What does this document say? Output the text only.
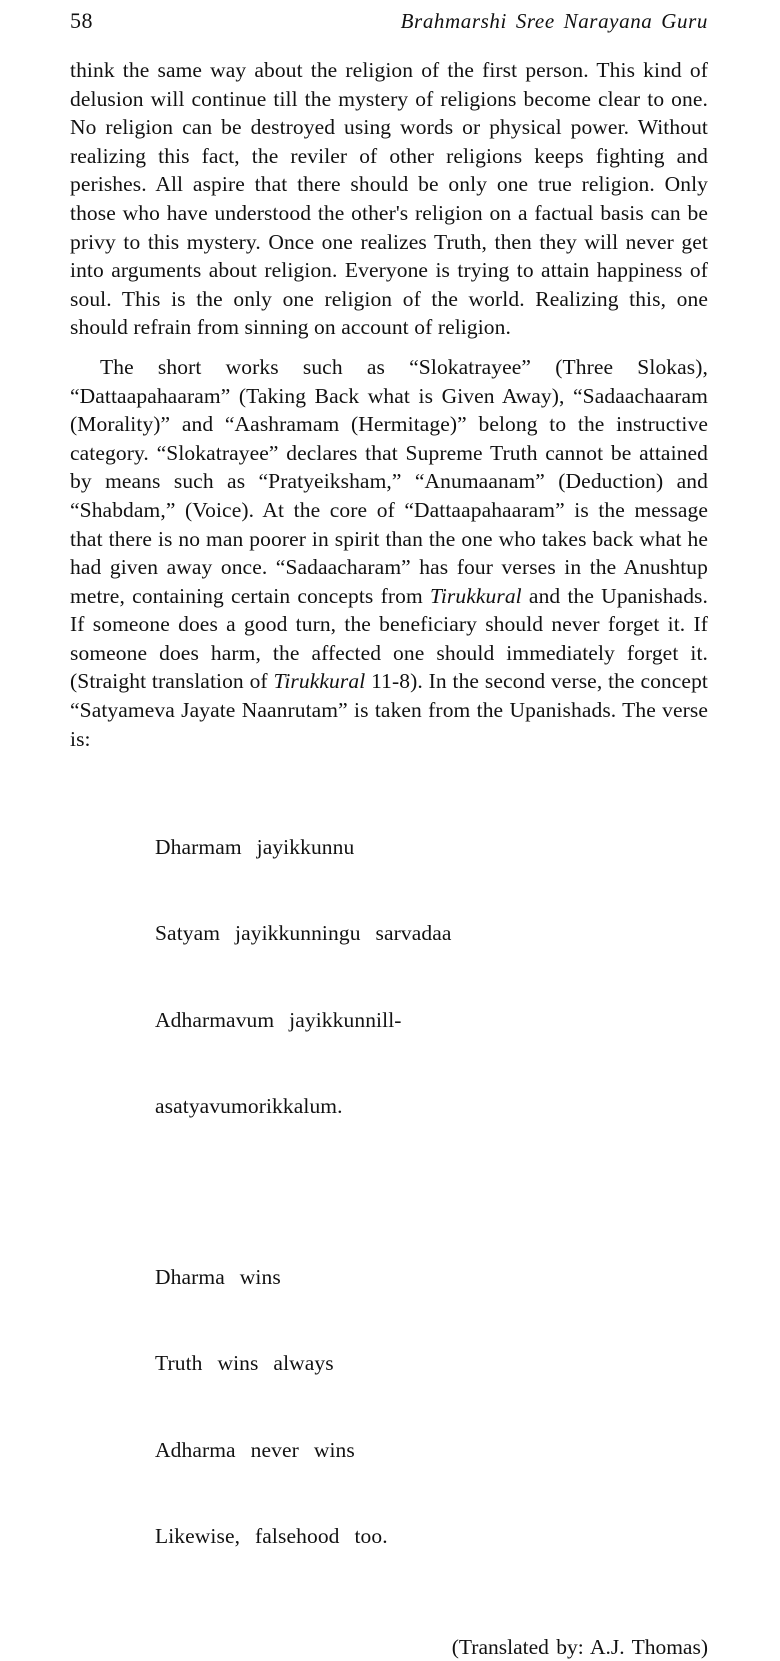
58	Brahmarshi Sree Narayana Guru

think the same way about the religion of the first person. This kind of delusion will continue till the mystery of religions become clear to one. No religion can be destroyed using words or physical power. Without realizing this fact, the reviler of other religions keeps fighting and perishes. All aspire that there should be only one true religion. Only those who have understood the other's religion on a factual basis can be privy to this mystery. Once one realizes Truth, then they will never get into arguments about religion. Everyone is trying to attain happiness of soul. This is the only one religion of the world. Realizing this, one should refrain from sinning on account of religion.

The short works such as “Slokatrayee” (Three Slokas), “Dattaapahaaram” (Taking Back what is Given Away), “Sadaachaaram (Morality)” and “Aashramam (Hermitage)” belong to the instructive category. “Slokatrayee” declares that Supreme Truth cannot be attained by means such as “Pratyeiksham,” “Anumaanam” (Deduction) and “Shabdam,” (Voice). At the core of “Dattaapahaaram” is the message that there is no man poorer in spirit than the one who takes back what he had given away once. “Sadaacharam” has four verses in the Anushtup metre, containing certain concepts from Tirukkural and the Upanishads. If someone does a good turn, the beneficiary should never forget it. If someone does harm, the affected one should immediately forget it. (Straight translation of Tirukkural 11-8). In the second verse, the concept “Satyameva Jayate Naanrutam” is taken from the Upanishads. The verse is:

Dharmam  jayikkunnu

Satyam  jayikkunningu  sarvadaa

Adharmavum  jayikkunnill-

asatyavumorikkalum.

Dharma  wins

Truth  wins  always

Adharma  never  wins

Likewise,  falsehood  too.

(Translated by: A.J. Thomas)
